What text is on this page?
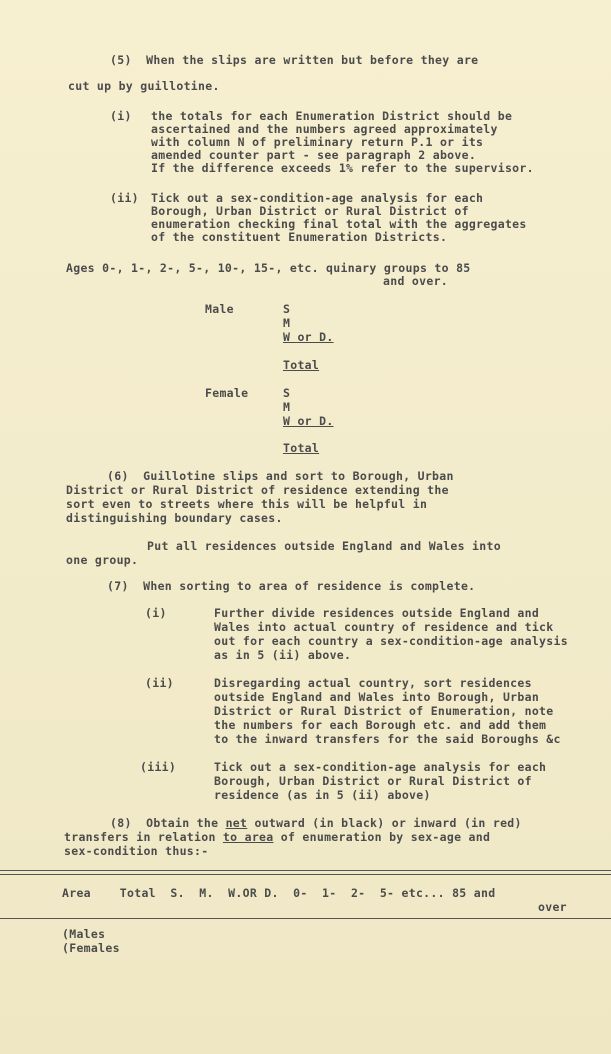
(5)  When the slips are written but before they are
cut up by guillotine.
(i) the totals for each Enumeration District should be
ascertained and the numbers agreed approximately
with column N of preliminary return P.1 or its
amended counter part - see paragraph 2 above.
If the difference exceeds 1% refer to the supervisor.
(ii) Tick out a sex-condition-age analysis for each
Borough, Urban District or Rural District of
enumeration checking final total with the aggregates
of the constituent Enumeration Districts.
Ages 0-, 1-, 2-, 5-, 10-, 15-, etc. quinary groups to 85
and over.
Male	S
M
W or D.
Total
Female	S
M
W or D.
Total
(6)  Guillotine slips and sort to Borough, Urban
District or Rural District of residence extending the
sort even to streets where this will be helpful in
distinguishing boundary cases.
Put all residences outside England and Wales into
one group.
(7)  When sorting to area of residence is complete.
(i)	Further divide residences outside England and
Wales into actual country of residence and tick
out for each country a sex-condition-age analysis
as in 5 (ii) above.
(ii)	Disregarding actual country, sort residences
outside England and Wales into Borough, Urban
District or Rural District of Enumeration, note
the numbers for each Borough etc. and add them
to the inward transfers for the said Boroughs &c
(iii)	Tick out a sex-condition-age analysis for each
Borough, Urban District or Rural District of
residence (as in 5 (ii) above)
(8)  Obtain the net outward (in black) or inward (in red)
transfers in relation to area of enumeration by sex-age and
sex-condition thus:-
Area    Total  S.  M.  W.OR D.  0-  1-  2-  5- etc... 85 and
over
(Males
(Females
